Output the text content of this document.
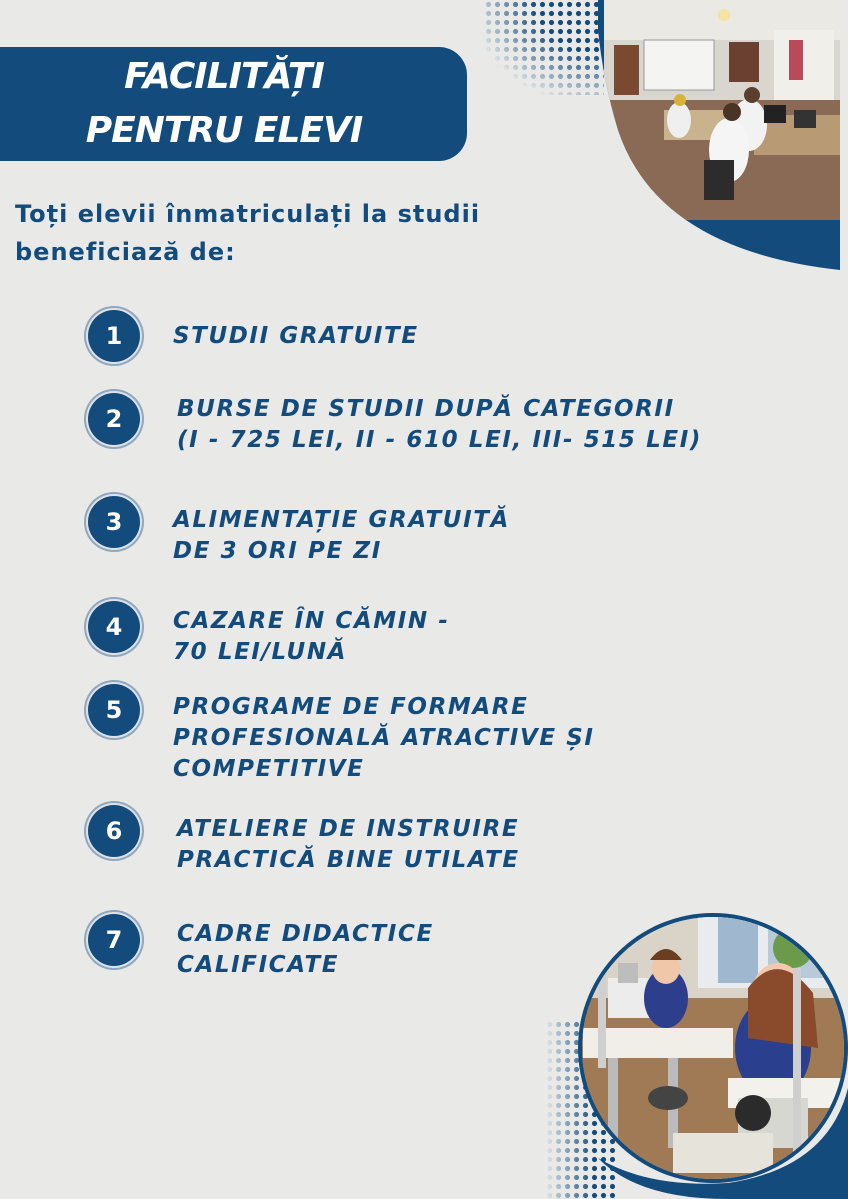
FACILITĂȚI
PENTRU ELEVI
Toți elevii înmatriculați la studii
beneficiază de:
1	STUDII GRATUITE
2	BURSE DE STUDII DUPĂ CATEGORII
(I - 725 LEI, II - 610 LEI, III- 515 LEI)
3	ALIMENTAȚIE GRATUITĂ
DE 3 ORI PE ZI
4	CAZARE ÎN CĂMIN -
70 LEI/LUNĂ
5	PROGRAME DE FORMARE
PROFESIONALĂ ATRACTIVE ȘI
COMPETITIVE
6	ATELIERE DE INSTRUIRE
PRACTICĂ BINE UTILATE
7	CADRE DIDACTICE
CALIFICATE
